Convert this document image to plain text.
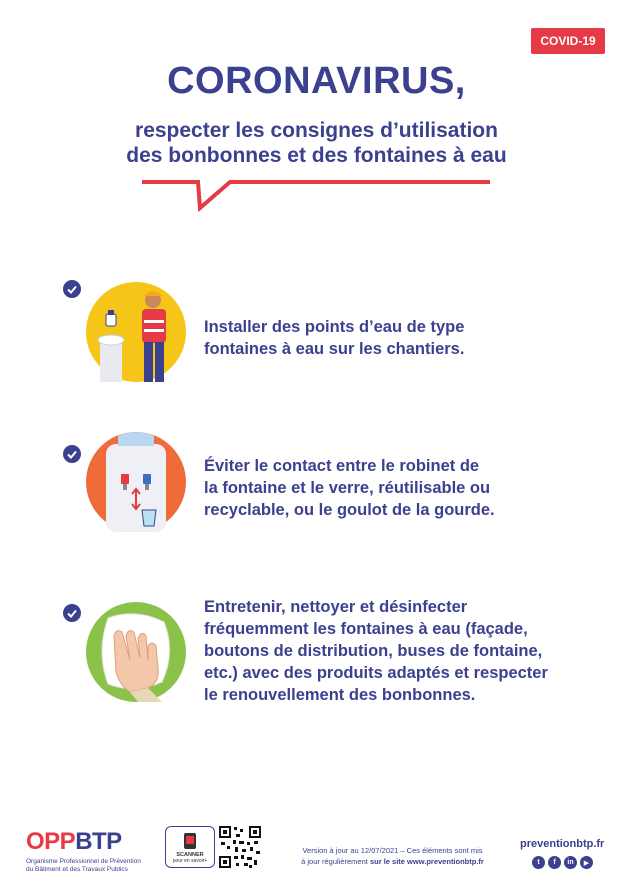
COVID-19
CORONAVIRUS,
respecter les consignes d’utilisation
des bonbonnes et des fontaines à eau
Installer des points d’eau de type
fontaines à eau sur les chantiers.
Éviter le contact entre le robinet de
la fontaine et le verre, réutilisable ou
recyclable, ou le goulot de la gourde.
Entretenir, nettoyer et désinfecter
fréquemment les fontaines à eau (façade,
boutons de distribution, buses de fontaine,
etc.) avec des produits adaptés et respecter
le renouvellement des bonbonnes.
OPPBTP
Organisme Professionnel de Prévention
du Bâtiment et des Travaux Publics
SCANNER
pour en savoir+
Version à jour au 12/07/2021 – Ces éléments sont mis
à jour régulièrement sur le site www.preventionbtp.fr
preventionbtp.fr
t	f	in	▶
